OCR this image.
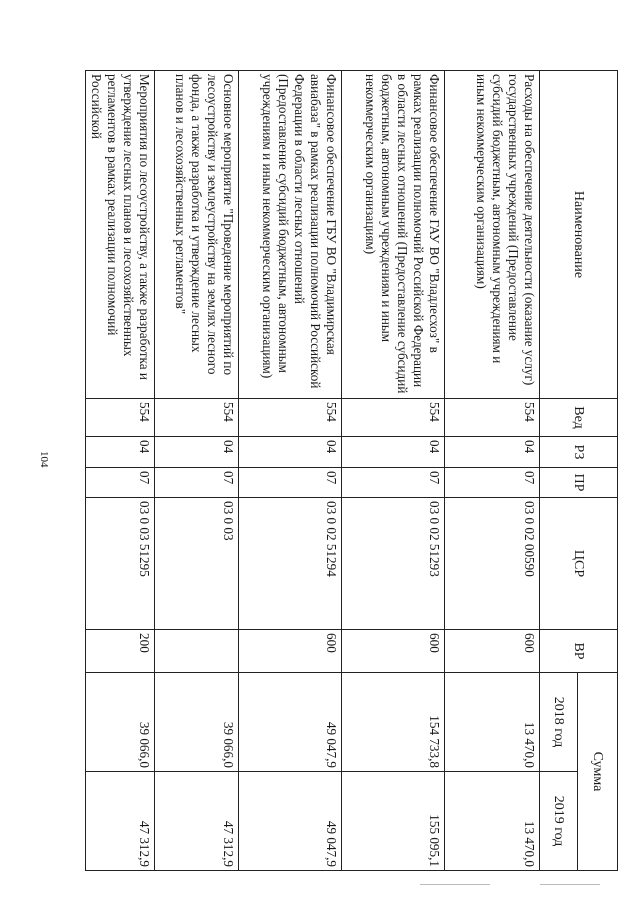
104
Наименование	Вед	РЗ	ПР	ЦСР	ВР	Сумма	
						2018 год	2019 год
Расходы на обеспечение деятельности (оказание услуг) государственных учреждений (Предоставление субсидий бюджетным, автономным учреждениям и иным некоммерческим организациям)	554	04	07	03 0 02 00590	600	13 470,0	13 470,0
Финансовое обеспечение ГАУ ВО "Владлесхоз" в рамках реализации полномочий Российской Федерации в области лесных отношений (Предоставление субсидий бюджетным, автономным учреждениям и иным некоммерческим организациям)	554	04	07	03 0 02 51293	600	154 733,8	155 095,1
Финансовое обеспечение ГБУ ВО "Владимирская авиабаза" в рамках реализации полномочий Российской Федерации в области лесных отношений (Предоставление субсидий бюджетным, автономным учреждениям и иным некоммерческим организациям)	554	04	07	03 0 02 51294	600	49 047,9	49 047,9
Основное мероприятие "Проведение мероприятий по лесоустройству и землеустройству на землях лесного фонда, а также разработка и утверждение лесных планов и лесохозяйственных регламентов"	554	04	07	03 0 03		39 066,0	47 312,9
Мероприятия по лесоустройству, а также разработка и утверждение лесных планов и лесохозяйственных регламентов в рамках реализации полномочий Российской	554	04	07	03 0 03 51295	200	39 066,0	47 312,9
